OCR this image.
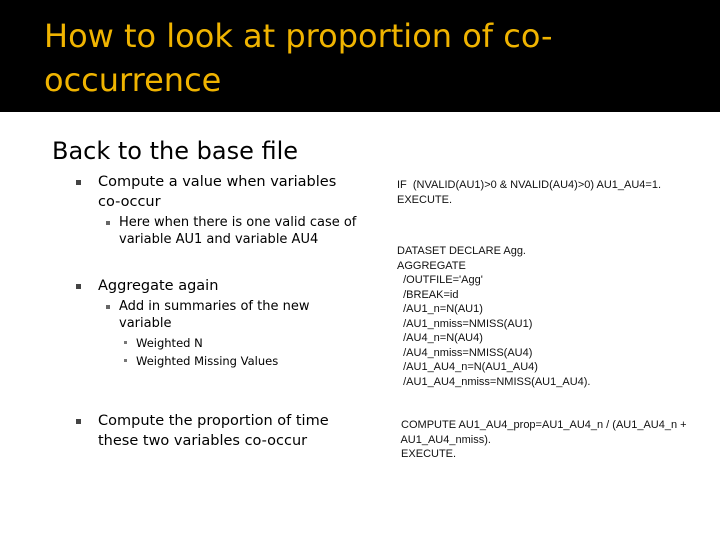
How to look at proportion of co-occurrence
Back to the base file
Compute a value when variables co-occur
Here when there is one valid case of variable AU1 and variable AU4
Aggregate again
Add in summaries of the new variable
Weighted N
Weighted Missing Values
Compute the proportion of time these two variables co-occur
IF  (NVALID(AU1)>0 & NVALID(AU4)>0) AU1_AU4=1.
EXECUTE.
DATASET DECLARE Agg.
AGGREGATE
/OUTFILE='Agg'
/BREAK=id
/AU1_n=N(AU1)
/AU1_nmiss=NMISS(AU1)
/AU4_n=N(AU4)
/AU4_nmiss=NMISS(AU4)
/AU1_AU4_n=N(AU1_AU4)
/AU1_AU4_nmiss=NMISS(AU1_AU4).
COMPUTE AU1_AU4_prop=AU1_AU4_n / (AU1_AU4_n +
AU1_AU4_nmiss).
EXECUTE.
